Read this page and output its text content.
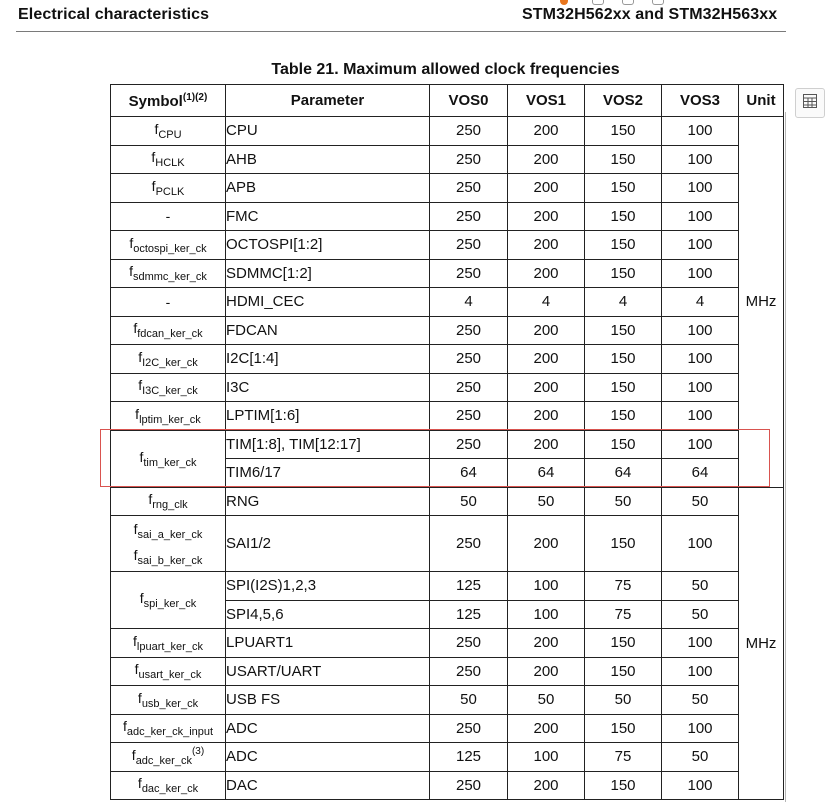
Electrical characteristics	STM32H562xx and STM32H563xx
Table 21. Maximum allowed clock frequencies
Symbol$^{(1)(2)}$	Parameter	VOS0	VOS1	VOS2	VOS3	Unit

$f_{CPU}$	CPU	250	200	150	100	MHz

$f_{HCLK}$	AHB	250	200	150	100	

$f_{PCLK}$	APB	250	200	150	100	
-	FMC	250	200	150	100	

$f_{octospi\_ker\_ck}$	OCTOSPI[1:2]	250	200	150	100	

$f_{sdmmc\_ker\_ck}$	SDMMC[1:2]	250	200	150	100	
-	HDMI_CEC	4	4	4	4	

$f_{fdcan\_ker\_ck}$	FDCAN	250	200	150	100	

$f_{I2C\_ker\_ck}$	I2C[1:4]	250	200	150	100	

$f_{I3C\_ker\_ck}$	I3C	250	200	150	100	

$f_{lptim\_ker\_ck}$	LPTIM[1:6]	250	200	150	100	

$f_{tim\_ker\_ck}$	TIM[1:8], TIM[12:17]	250	200	150	100	
	TIM6/17	64	64	64	64	

$f_{rng\_clk}$	RNG	50	50	50	50	MHz

$f_{sai\_a\_ker\_ck}$
$f_{sai\_b\_ker\_ck}$	SAI1/2	250	200	150	100	

$f_{spi\_ker\_ck}$	SPI(I2S)1,2,3	125	100	75	50	
	SPI4,5,6	125	100	75	50	

$f_{lpuart\_ker\_ck}$	LPUART1	250	200	150	100	

$f_{usart\_ker\_ck}$	USART/UART	250	200	150	100	

$f_{usb\_ker\_ck}$	USB FS	50	50	50	50	

$f_{adc\_ker\_ck\_input}$	ADC	250	200	150	100	

$f_{adc\_ker\_ck}^{(3)}$	ADC	125	100	75	50	

$f_{dac\_ker\_ck}$	DAC	250	200	150	100	
